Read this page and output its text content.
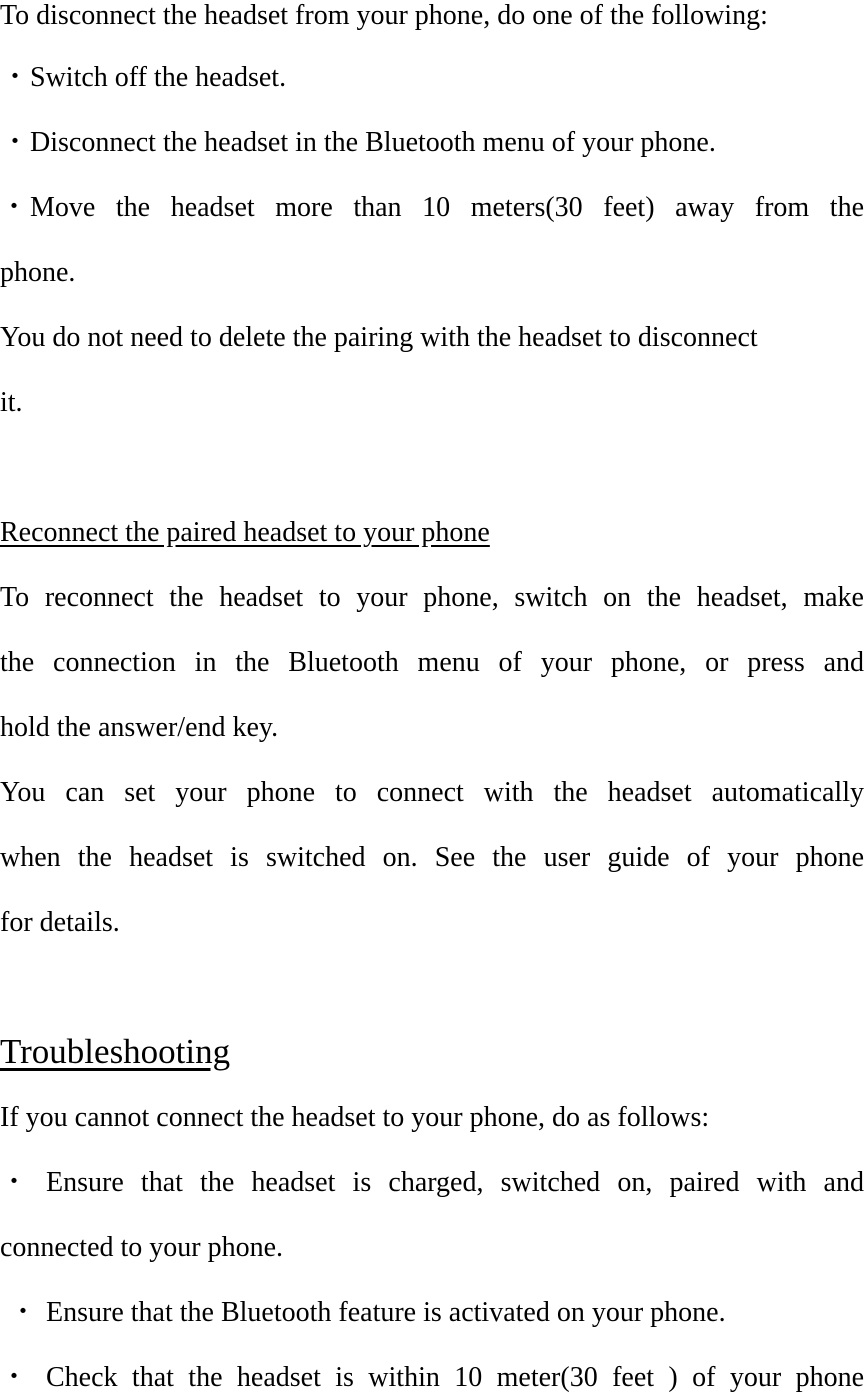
To disconnect the headset from your phone, do one of the following:
・Switch off the headset.
・Disconnect the headset in the Bluetooth menu of your phone.
・Move the headset more than 10 meters(30 feet) away from the
phone.
You do not need to delete the pairing with the headset to disconnect
it.
Reconnect the paired headset to your phone
To reconnect the headset to your phone, switch on the headset, make
the connection in the Bluetooth menu of your phone, or press and
hold the answer/end key.
You can set your phone to connect with the headset automatically
when the headset is switched on. See the user guide of your phone
for details.
Troubleshooting
If you cannot connect the headset to your phone, do as follows:
・ Ensure that the headset is charged, switched on, paired with and
connected to your phone.
・ Ensure that the Bluetooth feature is activated on your phone.
・ Check that the headset is within 10 meter(30 feet ) of your phone
